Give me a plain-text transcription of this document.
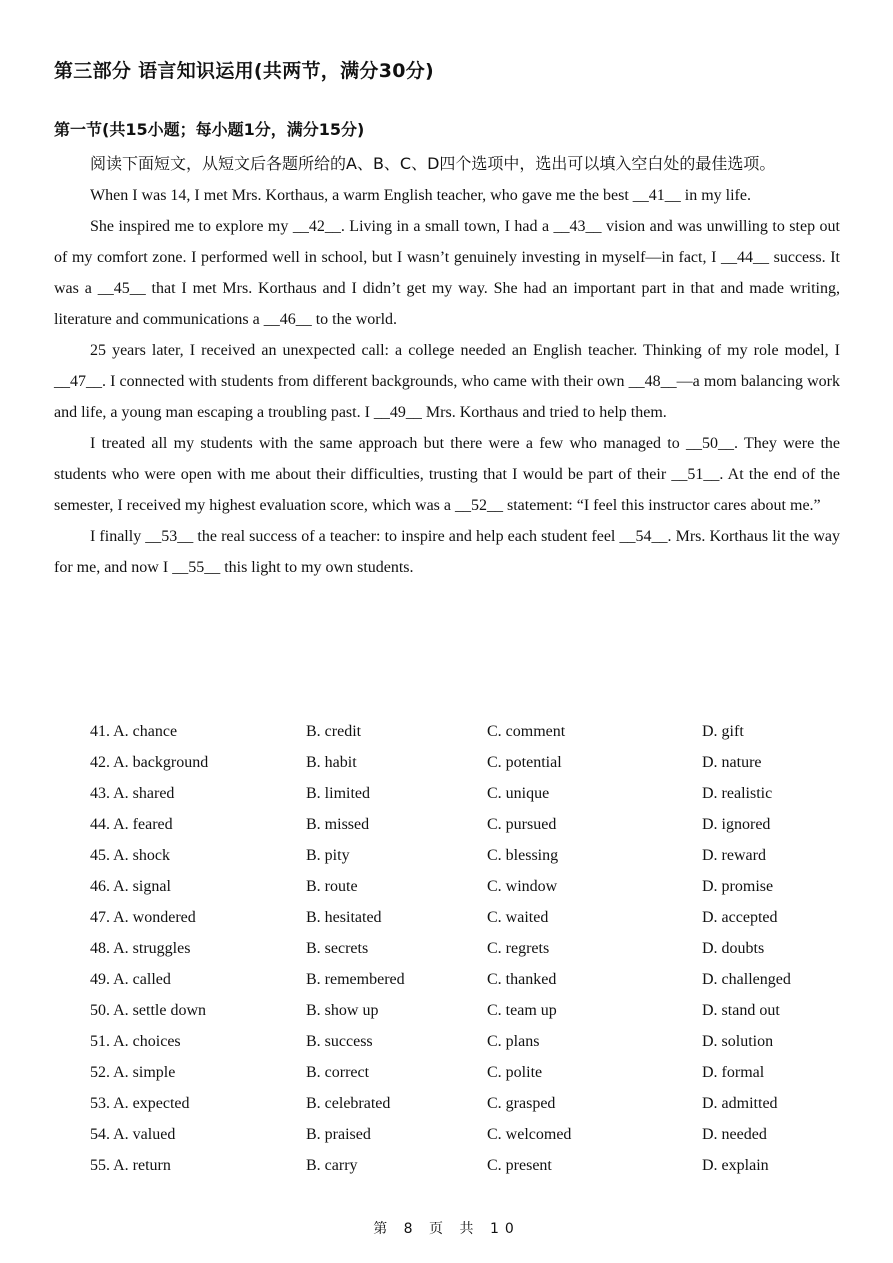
第三部分 语言知识运用(共两节，满分30分)
第一节(共15小题；每小题1分，满分15分)

阅读下面短文，从短文后各题所给的A、B、C、D四个选项中，选出可以填入空白处的最佳选项。

When I was 14, I met Mrs. Korthaus, a warm English teacher, who gave me the best __41__ in my life.

She inspired me to explore my __42__. Living in a small town, I had a __43__ vision and was unwilling to step out of my comfort zone. I performed well in school, but I wasn’t genuinely investing in myself—in fact, I __44__ success. It was a __45__ that I met Mrs. Korthaus and I didn’t get my way. She had an important part in that and made writing, literature and communications a __46__ to the world.

25 years later, I received an unexpected call: a college needed an English teacher. Thinking of my role model, I __47__. I connected with students from different backgrounds, who came with their own __48__—a mom balancing work and life, a young man escaping a troubling past. I __49__ Mrs. Korthaus and tried to help them.

I treated all my students with the same approach but there were a few who managed to __50__. They were the students who were open with me about their difficulties, trusting that I would be part of their __51__. At the end of the semester, I received my highest evaluation score, which was a __52__ statement: “I feel this instructor cares about me.”

I finally __53__ the real success of a teacher: to inspire and help each student feel __54__. Mrs. Korthaus lit the way for me, and now I __55__ this light to my own students.

41. A. chance	B. credit	C. comment	D. gift
42. A. background	B. habit	C. potential	D. nature
43. A. shared	B. limited	C. unique	D. realistic
44. A. feared	B. missed	C. pursued	D. ignored
45. A. shock	B. pity	C. blessing	D. reward
46. A. signal	B. route	C. window	D. promise
47. A. wondered	B. hesitated	C. waited	D. accepted
48. A. struggles	B. secrets	C. regrets	D. doubts
49. A. called	B. remembered	C. thanked	D. challenged
50. A. settle down	B. show up	C. team up	D. stand out
51. A. choices	B. success	C. plans	D. solution
52. A. simple	B. correct	C. polite	D. formal
53. A. expected	B. celebrated	C. grasped	D. admitted
54. A. valued	B. praised	C. welcomed	D. needed
55. A. return	B. carry	C. present	D. explain
第 8 页 共 10
